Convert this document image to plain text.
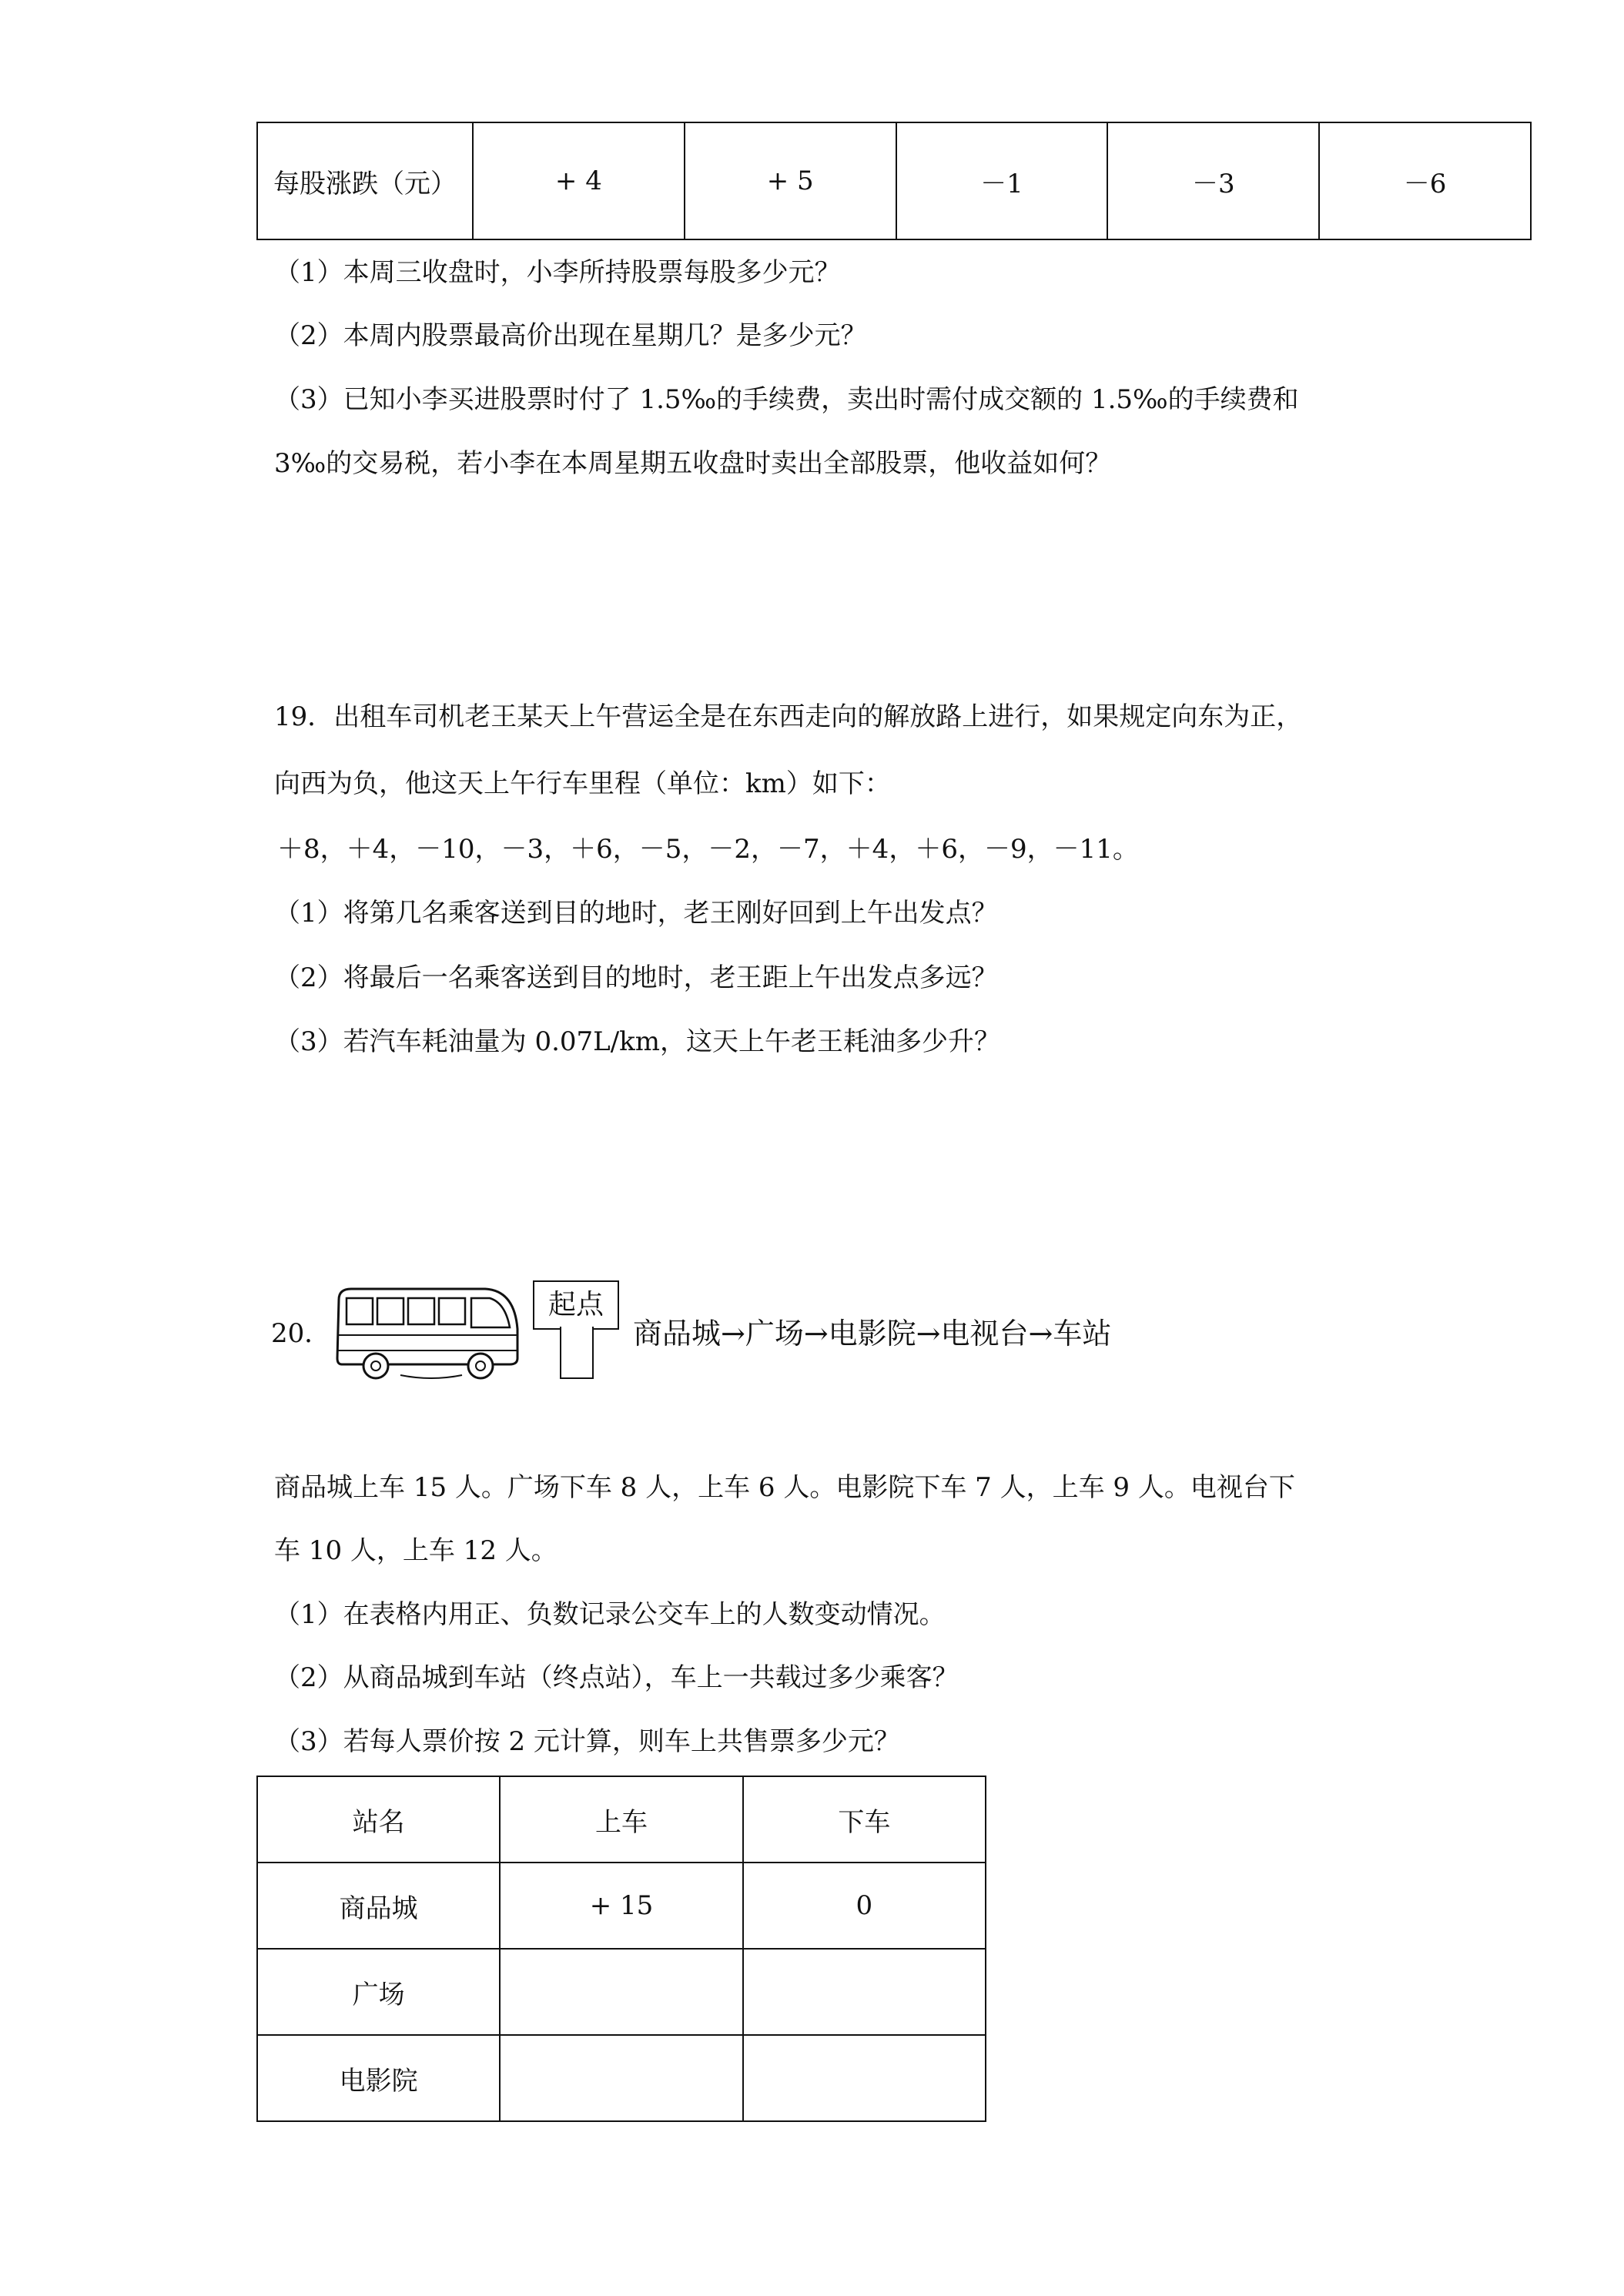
每股涨跌（元）	+ 4	+ 5	－1	－3	－6
（1）本周三收盘时，小李所持股票每股多少元？
（2）本周内股票最高价出现在星期几？是多少元？
（3）已知小李买进股票时付了 1.5‰的手续费，卖出时需付成交额的 1.5‰的手续费和
3‰的交易税，若小李在本周星期五收盘时卖出全部股票，他收益如何？
19．出租车司机老王某天上午营运全是在东西走向的解放路上进行，如果规定向东为正，
向西为负，他这天上午行车里程（单位：km）如下：
＋8，＋4，－10，－3，＋6，－5，－2，－7，＋4，＋6，－9，－11。
（1）将第几名乘客送到目的地时，老王刚好回到上午出发点？
（2）将最后一名乘客送到目的地时，老王距上午出发点多远？
（3）若汽车耗油量为 0.07L/km，这天上午老王耗油多少升？
20．
起点
商品城→广场→电影院→电视台→车站
商品城上车 15 人。广场下车 8 人，上车 6 人。电影院下车 7 人，上车 9 人。电视台下
车 10 人，上车 12 人。
（1）在表格内用正、负数记录公交车上的人数变动情况。
（2）从商品城到车站（终点站），车上一共载过多少乘客？
（3）若每人票价按 2 元计算，则车上共售票多少元？
站名	上车	下车
商品城	+ 15	0
广场		
电影院		
